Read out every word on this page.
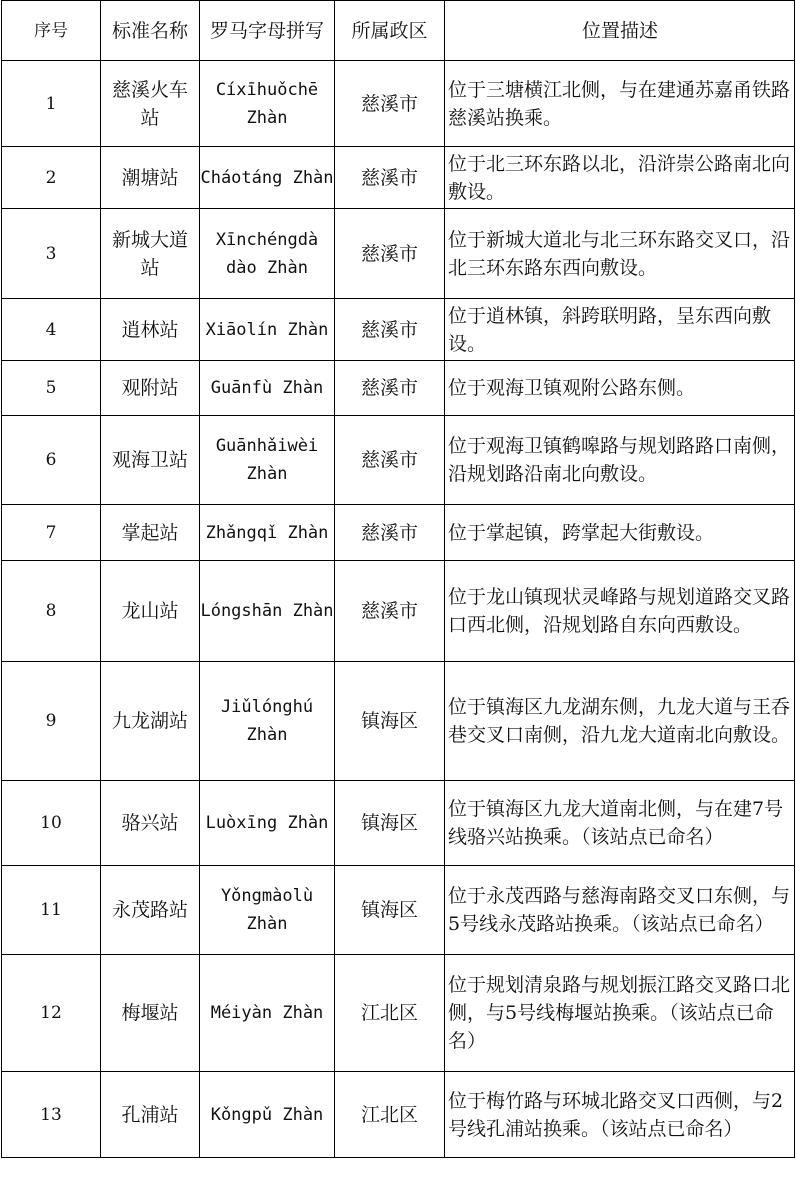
序号	标准名称	罗马字母拼写	所属政区	位置描述
1	慈溪火车站	Cíxīhuǒchē Zhàn	慈溪市	位于三塘横江北侧，与在建通苏嘉甬铁路慈溪站换乘。
2	潮塘站	Cháotáng Zhàn	慈溪市	位于北三环东路以北，沿浒崇公路南北向敷设。
3	新城大道站	Xīnchéngdà dào Zhàn	慈溪市	位于新城大道北与北三环东路交叉口，沿北三环东路东西向敷设。
4	逍林站	Xiāolín Zhàn	慈溪市	位于逍林镇，斜跨联明路，呈东西向敷设。
5	观附站	Guānfù Zhàn	慈溪市	位于观海卫镇观附公路东侧。
6	观海卫站	Guānhǎiwèi Zhàn	慈溪市	位于观海卫镇鹤嗥路与规划路路口南侧，沿规划路沿南北向敷设。
7	掌起站	Zhǎngqǐ Zhàn	慈溪市	位于掌起镇，跨掌起大街敷设。
8	龙山站	Lóngshān Zhàn	慈溪市	位于龙山镇现状灵峰路与规划道路交叉路口西北侧，沿规划路自东向西敷设。
9	九龙湖站	Jiǔlónghú Zhàn	镇海区	位于镇海区九龙湖东侧，九龙大道与王呑巷交叉口南侧，沿九龙大道南北向敷设。
10	骆兴站	Luòxīng Zhàn	镇海区	位于镇海区九龙大道南北侧，与在建7号线骆兴站换乘。（该站点已命名）
11	永茂路站	Yǒngmàolù Zhàn	镇海区	位于永茂西路与慈海南路交叉口东侧，与5号线永茂路站换乘。（该站点已命名）
12	梅堰站	Méiyàn Zhàn	江北区	位于规划清泉路与规划振江路交叉路口北侧，与5号线梅堰站换乘。（该站点已命名）
13	孔浦站	Kǒngpǔ Zhàn	江北区	位于梅竹路与环城北路交叉口西侧，与2号线孔浦站换乘。（该站点已命名）
